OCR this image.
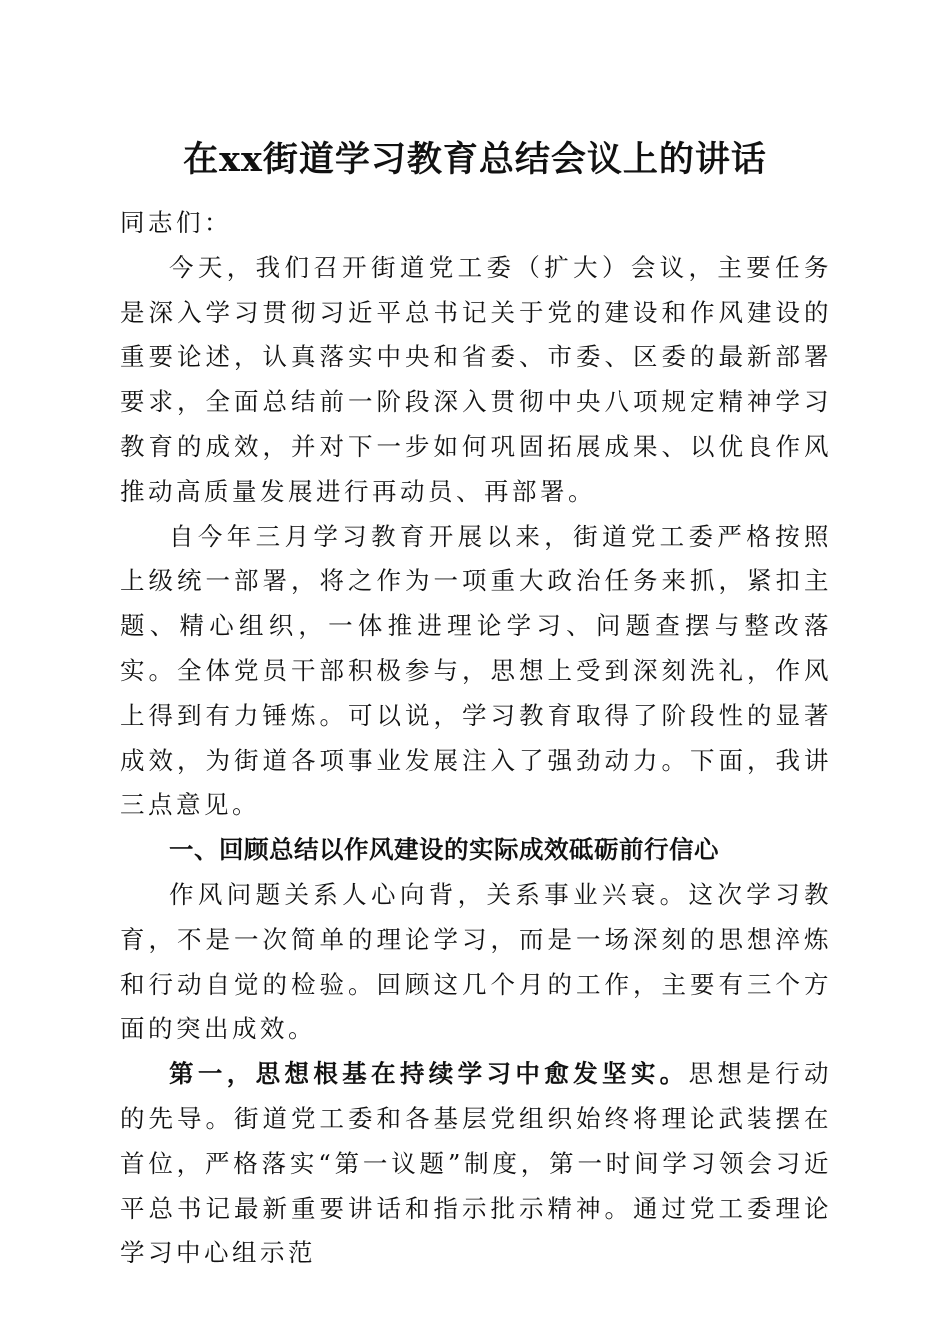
在xx街道学习教育总结会议上的讲话

同志们：

今天，我们召开街道党工委（扩大）会议，主要任务是深入学习贯彻习近平总书记关于党的建设和作风建设的重要论述，认真落实中央和省委、市委、区委的最新部署要求，全面总结前一阶段深入贯彻中央八项规定精神学习教育的成效，并对下一步如何巩固拓展成果、以优良作风推动高质量发展进行再动员、再部署。

自今年三月学习教育开展以来，街道党工委严格按照上级统一部署，将之作为一项重大政治任务来抓，紧扣主题、精心组织，一体推进理论学习、问题查摆与整改落实。全体党员干部积极参与，思想上受到深刻洗礼，作风上得到有力锤炼。可以说，学习教育取得了阶段性的显著成效，为街道各项事业发展注入了强劲动力。下面，我讲三点意见。

一、回顾总结以作风建设的实际成效砥砺前行信心

作风问题关系人心向背，关系事业兴衰。这次学习教育，不是一次简单的理论学习，而是一场深刻的思想淬炼和行动自觉的检验。回顾这几个月的工作，主要有三个方面的突出成效。

第一，思想根基在持续学习中愈发坚实。思想是行动的先导。街道党工委和各基层党组织始终将理论武装摆在首位，严格落实“第一议题”制度，第一时间学习领会习近平总书记最新重要讲话和指示批示精神。通过党工委理论学习中心组示范
